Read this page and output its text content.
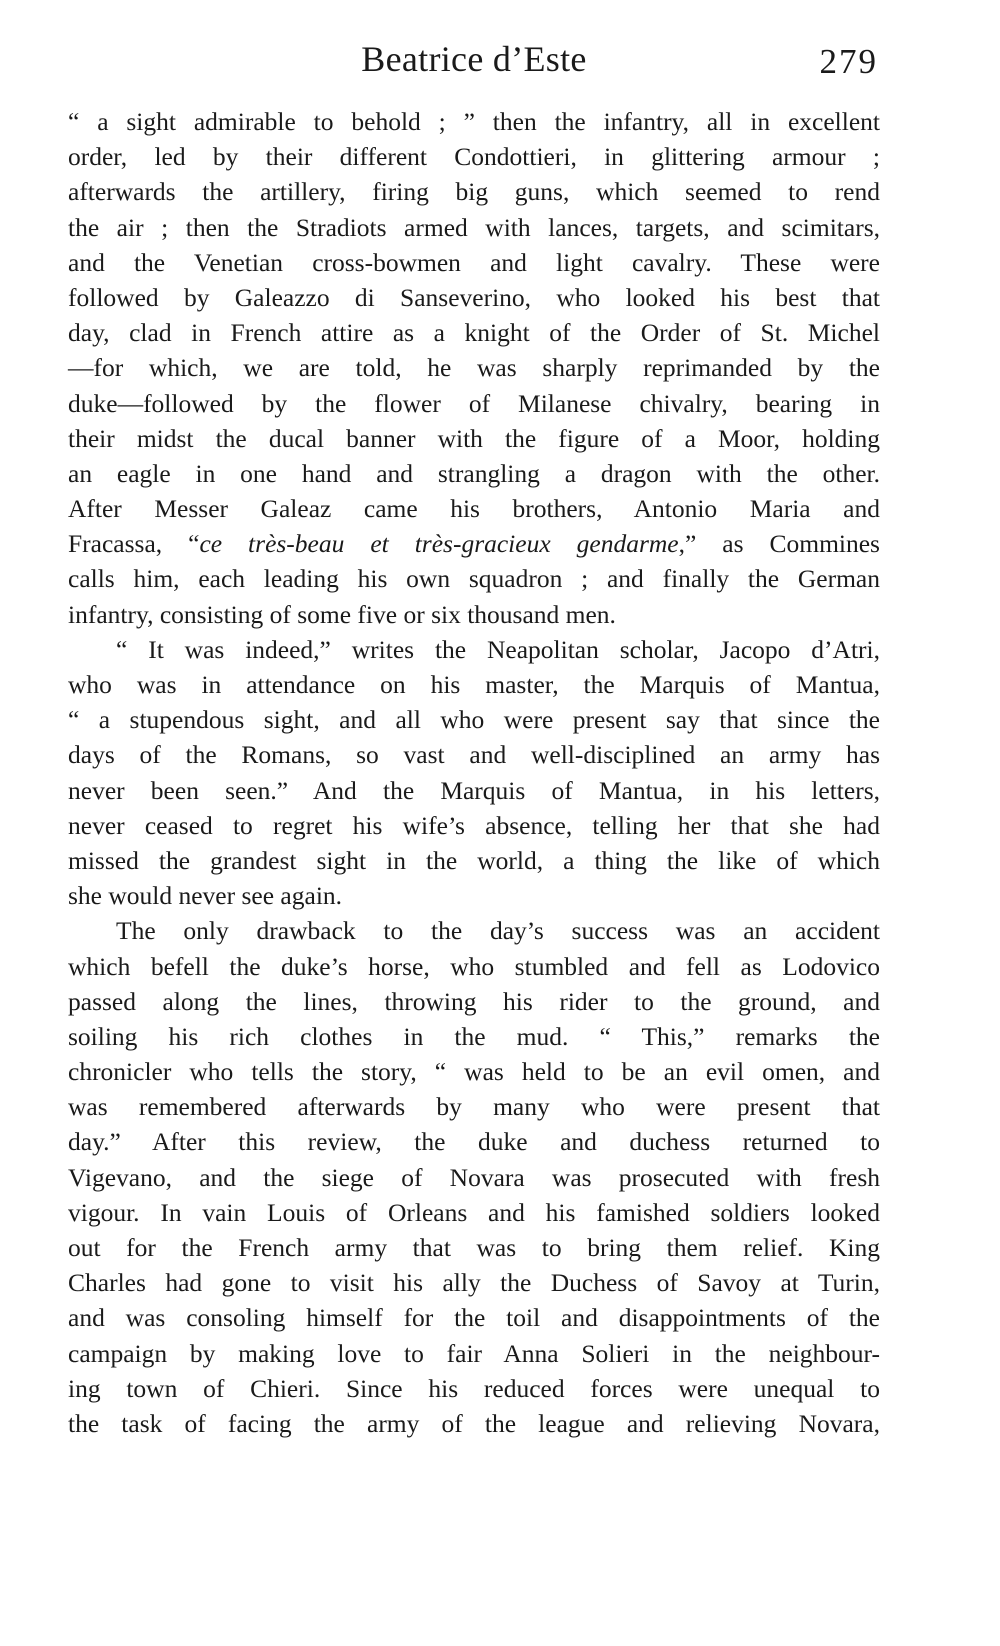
Beatrice d’Este	279
“ a sight admirable to behold ; ” then the infantry, all in excellent
order, led by their different Condottieri, in glittering armour ;
afterwards the artillery, firing big guns, which seemed to rend
the air ; then the Stradiots armed with lances, targets, and scimitars,
and the Venetian cross-bowmen and light cavalry. These were
followed by Galeazzo di Sanseverino, who looked his best that
day, clad in French attire as a knight of the Order of St. Michel
—for which, we are told, he was sharply reprimanded by the
duke—followed by the flower of Milanese chivalry, bearing in
their midst the ducal banner with the figure of a Moor, holding
an eagle in one hand and strangling a dragon with the other.
After Messer Galeaz came his brothers, Antonio Maria and
Fracassa, “ce très-beau et très-gracieux gendarme,” as Commines
calls him, each leading his own squadron ; and finally the German
infantry, consisting of some five or six thousand men.
“ It was indeed,” writes the Neapolitan scholar, Jacopo d’Atri,
who was in attendance on his master, the Marquis of Mantua,
“ a stupendous sight, and all who were present say that since the
days of the Romans, so vast and well-disciplined an army has
never been seen.” And the Marquis of Mantua, in his letters,
never ceased to regret his wife’s absence, telling her that she had
missed the grandest sight in the world, a thing the like of which
she would never see again.
The only drawback to the day’s success was an accident
which befell the duke’s horse, who stumbled and fell as Lodovico
passed along the lines, throwing his rider to the ground, and
soiling his rich clothes in the mud. “ This,” remarks the
chronicler who tells the story, “ was held to be an evil omen, and
was remembered afterwards by many who were present that
day.” After this review, the duke and duchess returned to
Vigevano, and the siege of Novara was prosecuted with fresh
vigour. In vain Louis of Orleans and his famished soldiers looked
out for the French army that was to bring them relief. King
Charles had gone to visit his ally the Duchess of Savoy at Turin,
and was consoling himself for the toil and disappointments of the
campaign by making love to fair Anna Solieri in the neighbour-
ing town of Chieri. Since his reduced forces were unequal to
the task of facing the army of the league and relieving Novara,
